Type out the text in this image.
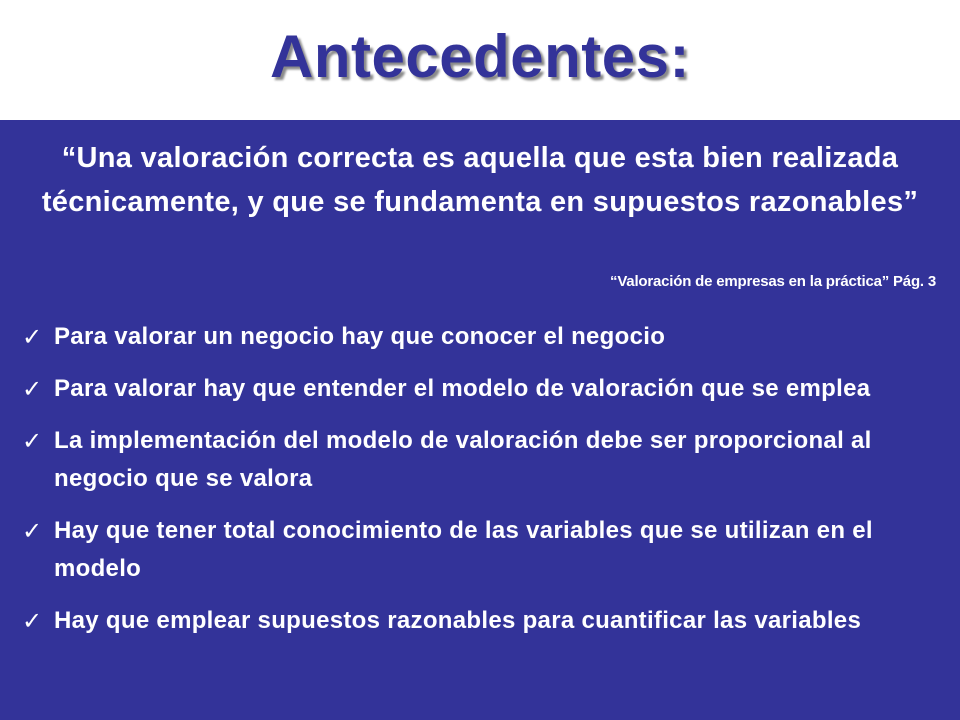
Antecedentes:
“Una valoración correcta es aquella que esta bien realizada técnicamente, y que se fundamenta en supuestos razonables”
“Valoración de empresas en la práctica” Pág. 3
✓ Para valorar un negocio hay que conocer el negocio
✓ Para valorar hay que entender el modelo de valoración que se emplea
✓ La implementación del modelo de valoración debe ser proporcional al negocio que se valora
✓ Hay que tener total conocimiento de las variables que se utilizan en el modelo
✓ Hay que emplear supuestos razonables para cuantificar las variables
